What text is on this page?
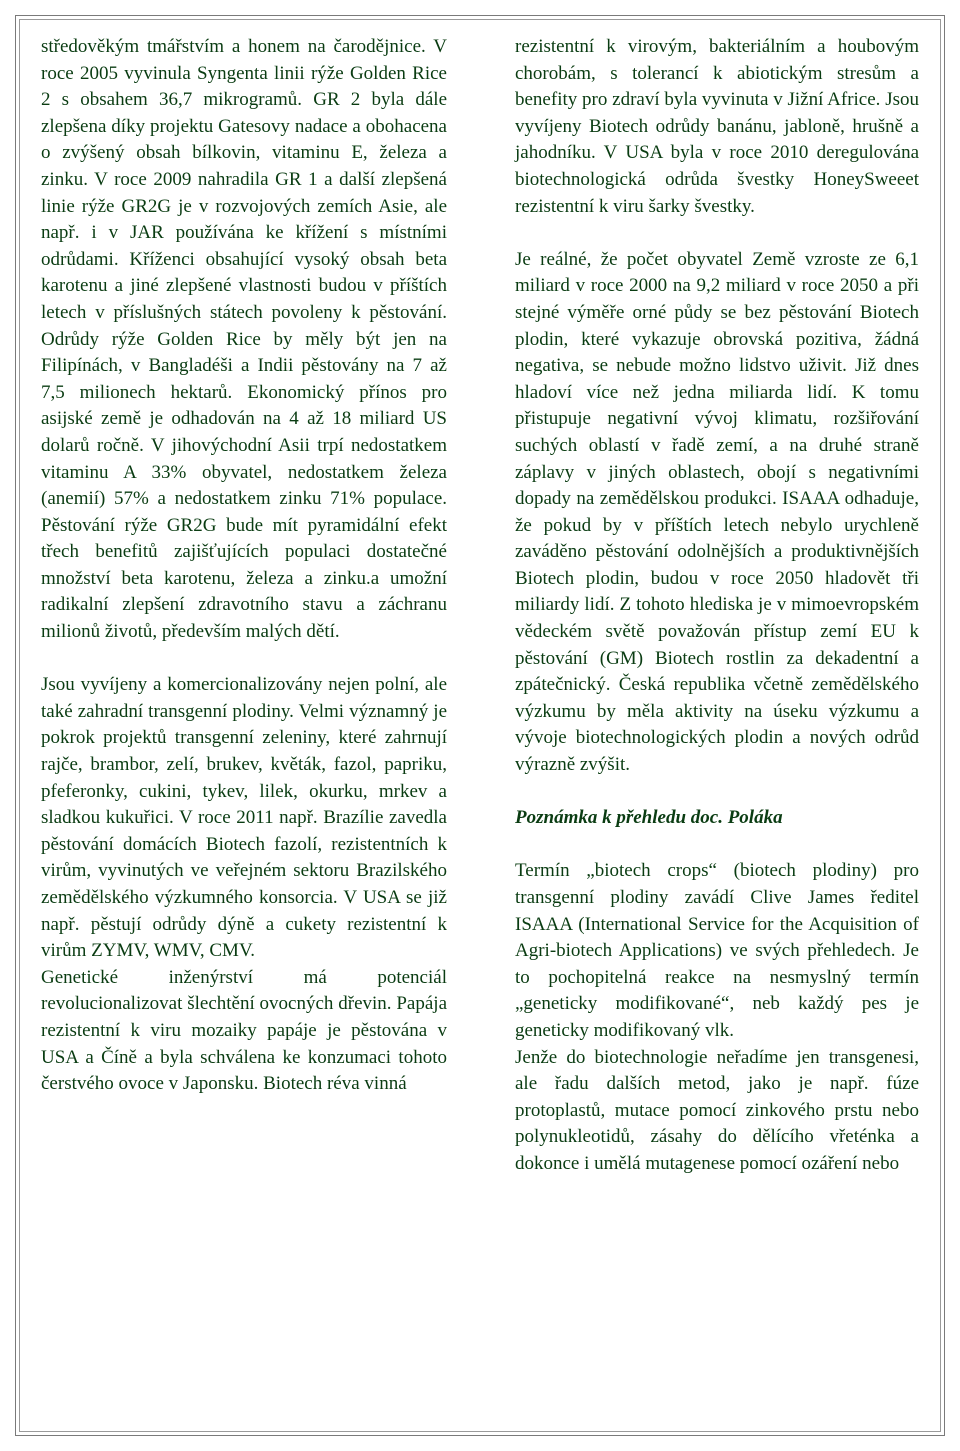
středověkým tmářstvím a honem na čarodějnice. V roce 2005 vyvinula Syngenta linii rýže Golden Rice 2 s obsahem 36,7 mikrogramů. GR 2 byla dále zlepšena díky projektu Gatesovy nadace a obohacena o zvýšený obsah bílkovin, vitaminu E, železa a zinku. V roce 2009 nahradila GR 1 a další zlepšená linie rýže GR2G je v rozvojových zemích Asie, ale např. i v JAR používána ke křížení s místními odrůdami. Kříženci obsahující vysoký obsah beta karotenu a jiné zlepšené vlastnosti budou v příštích letech v příslušných státech povoleny k pěstování. Odrůdy rýže Golden Rice by měly být jen na Filipínách, v Bangladéši a Indii pěstovány na 7 až 7,5 milionech hektarů. Ekonomický přínos pro asijské země je odhadován na 4 až 18 miliard US dolarů ročně. V jihovýchodní Asii trpí nedostatkem vitaminu A 33% obyvatel, nedostatkem železa (anemií) 57% a nedostatkem zinku 71% populace. Pěstování rýže GR2G bude mít pyramidální efekt třech benefitů zajišťujících populaci dostatečné množství beta karotenu, železa a zinku.a umožní radikalní zlepšení zdravotního stavu a záchranu milionů životů, především malých dětí.

Jsou vyvíjeny a komercionalizovány nejen polní, ale také zahradní transgenní plodiny. Velmi významný je pokrok projektů transgenní zeleniny, které zahrnují rajče, brambor, zelí, brukev, květák, fazol, papriku, pfeferonky, cukini, tykev, lilek, okurku, mrkev a sladkou kukuřici. V roce 2011 např. Brazílie zavedla pěstování domácích Biotech fazolí, rezistentních k virům, vyvinutých ve veřejném sektoru Brazilského zemědělského výzkumného konsorcia. V USA se již např. pěstují odrůdy dýně a cukety rezistentní k virům ZYMV, WMV, CMV.

Genetické inženýrství má potenciál revolucionalizovat šlechtění ovocných dřevin. Papája rezistentní k viru mozaiky papáje je pěstována v USA a Číně a byla schválena ke konzumaci tohoto čerstvého ovoce v Japonsku. Biotech réva vinná

rezistentní k virovým, bakteriálním a houbovým chorobám, s tolerancí k abiotickým stresům a benefity pro zdraví byla vyvinuta v Jižní Africe. Jsou vyvíjeny Biotech odrůdy banánu, jabloně, hrušně a jahodníku. V USA byla v roce 2010 deregulována biotechnologická odrůda švestky HoneySweeet rezistentní k viru šarky švestky.

Je reálné, že počet obyvatel Země vzroste ze 6,1 miliard v roce 2000 na 9,2 miliard v roce 2050 a při stejné výměře orné půdy se bez pěstování Biotech plodin, které vykazuje obrovská pozitiva, žádná negativa, se nebude možno lidstvo uživit. Již dnes hladoví více než jedna miliarda lidí. K tomu přistupuje negativní vývoj klimatu, rozšiřování suchých oblastí v řadě zemí, a na druhé straně záplavy v jiných oblastech, obojí s negativními dopady na zemědělskou produkci. ISAAA odhaduje, že pokud by v příštích letech nebylo urychleně zaváděno pěstování odolnějších a produktivnějších Biotech plodin, budou v roce 2050 hladovět tři miliardy lidí. Z tohoto hlediska je v mimoevropském vědeckém světě považován přístup zemí EU k pěstování (GM) Biotech rostlin za dekadentní a zpátečnický. Česká republika včetně zemědělského výzkumu by měla aktivity na úseku výzkumu a vývoje biotechnologických plodin a nových odrůd výrazně zvýšit.

Poznámka k přehledu doc. Poláka

Termín „biotech crops“ (biotech plodiny) pro transgenní plodiny zavádí Clive James ředitel ISAAA (International Service for the Acquisition of Agri-biotech Applications) ve svých přehledech. Je to pochopitelná reakce na nesmyslný termín „geneticky modifikované“, neb každý pes je geneticky modifikovaný vlk.

Jenže do biotechnologie neřadíme jen transgenesi, ale řadu dalších metod, jako je např. fúze protoplastů, mutace pomocí zinkového prstu nebo polynukleotidů, zásahy do dělícího vřeténka a dokonce i umělá mutagenese pomocí ozáření nebo
